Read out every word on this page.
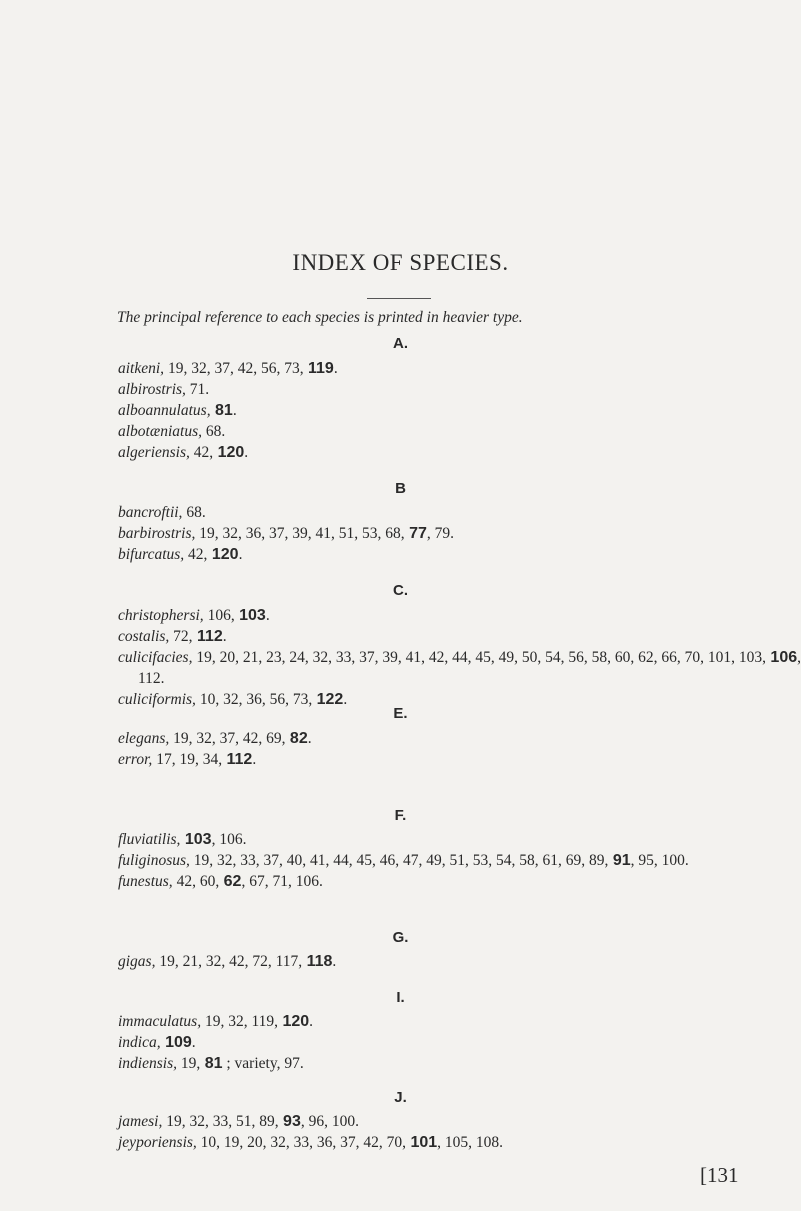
INDEX OF SPECIES.
The principal reference to each species is printed in heavier type.
A.
aitkeni, 19, 32, 37, 42, 56, 73, 119.
albirostris, 71.
alboannulatus, 81.
albotæniatus, 68.
algeriensis, 42, 120.
B
bancroftii, 68.
barbirostris, 19, 32, 36, 37, 39, 41, 51, 53, 68, 77, 79.
bifurcatus, 42, 120.
C.
christophersi, 106, 103.
costalis, 72, 112.
culicifacies, 19, 20, 21, 23, 24, 32, 33, 37, 39, 41, 42, 44, 45, 49, 50, 54, 56, 58, 60, 62, 66, 70, 101, 103, 106, 112.
culiciformis, 10, 32, 36, 56, 73, 122.
E.
elegans, 19, 32, 37, 42, 69, 82.
error, 17, 19, 34, 112.
F.
fluviatilis, 103, 106.
fuliginosus, 19, 32, 33, 37, 40, 41, 44, 45, 46, 47, 49, 51, 53, 54, 58, 61, 69, 89, 91, 95, 100.
funestus, 42, 60, 62, 67, 71, 106.
G.
gigas, 19, 21, 32, 42, 72, 117, 118.
I.
immaculatus, 19, 32, 119, 120.
indica, 109.
indiensis, 19, 81 ; variety, 97.
J.
jamesi, 19, 32, 33, 51, 89, 93, 96, 100.
jeyporiensis, 10, 19, 20, 32, 33, 36, 37, 42, 70, 101, 105, 108.
[131
